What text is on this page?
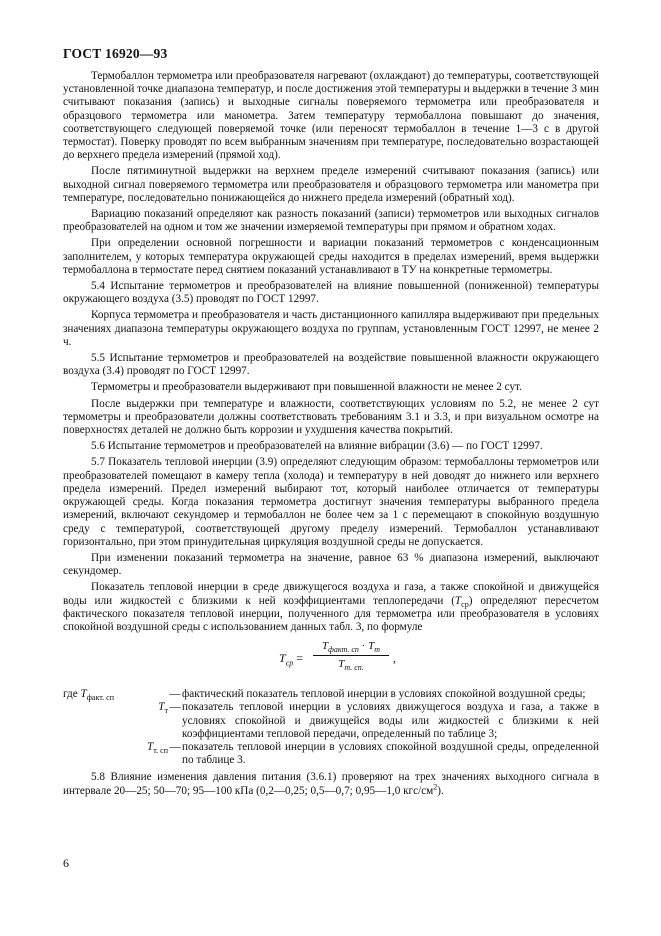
ГОСТ 16920—93

Термобаллон термометра или преобразователя нагревают (охлаждают) до температуры, соответствующей установленной точке диапазона температур, и после достижения этой температуры и выдержки в течение 3 мин считывают показания (запись) и выходные сигналы поверяемого термометра или преобразователя и образцового термометра или манометра. Затем температуру термобаллона повышают до значения, соответствующего следующей поверяемой точке (или переносят термобаллон в течение 1—3 с в другой термостат). Поверку проводят по всем выбранным значениям при температуре, последовательно возрастающей до верхнего предела измерений (прямой ход).

После пятиминутной выдержки на верхнем пределе измерений считывают показания (запись) или выходной сигнал поверяемого термометра или преобразователя и образцового термометра или манометра при температуре, последовательно понижающейся до нижнего предела измерений (обратный ход).

Вариацию показаний определяют как разность показаний (записи) термометров или выходных сигналов преобразователей на одном и том же значении измеряемой температуры при прямом и обратном ходах.

При определении основной погрешности и вариации показаний термометров с конденсационным заполнителем, у которых температура окружающей среды находится в пределах измерений, время выдержки термобаллона в термостате перед снятием показаний устанавливают в ТУ на конкретные термометры.

5.4 Испытание термометров и преобразователей на влияние повышенной (пониженной) температуры окружающего воздуха (3.5) проводят по ГОСТ 12997.

Корпуса термометра и преобразователя и часть дистанционного капилляра выдерживают при предельных значениях диапазона температуры окружающего воздуха по группам, установленным ГОСТ 12997, не менее 2 ч.

5.5 Испытание термометров и преобразователей на воздействие повышенной влажности окружающего воздуха (3.4) проводят по ГОСТ 12997.

Термометры и преобразователи выдерживают при повышенной влажности не менее 2 сут.

После выдержки при температуре и влажности, соответствующих условиям по 5.2, не менее 2 сут термометры и преобразователи должны соответствовать требованиям 3.1 и 3.3, и при визуальном осмотре на поверхностях деталей не должно быть коррозии и ухудшения качества покрытий.

5.6 Испытание термометров и преобразователей на влияние вибрации (3.6) — по ГОСТ 12997.

5.7 Показатель тепловой инерции (3.9) определяют следующим образом: термобаллоны термометров или преобразователей помещают в камеру тепла (холода) и температуру в ней доводят до нижнего или верхнего предела измерений. Предел измерений выбирают тот, который наиболее отличается от температуры окружающей среды. Когда показания термометра достигнут значения температуры выбранного предела измерений, включают секундомер и термобаллон не более чем за 1 с перемещают в спокойную воздушную среду с температурой, соответствующей другому пределу измерений. Термобаллон устанавливают горизонтально, при этом принудительная циркуляция воздушной среды не допускается.

При изменении показаний термометра на значение, равное 63 % диапазона измерений, выключают секундомер.

Показатель тепловой инерции в среде движущегося воздуха и газа, а также спокойной и движущейся воды или жидкостей с близкими к ней коэффициентами теплопередачи $(T_{ср})$ определяют пересчетом фактического показателя тепловой инерции, полученного для термометра или преобразователя в условиях спокойной воздушной среды с использованием данных табл. 3, по формуле

$T_{ср}$ =
$T_{факт. сп} \cdot T_т$
$T_{т. сп.}$
,
где $T_{факт. сп}$	— фактический показатель тепловой инерции в условиях спокойной воздушной среды;
$T_т$ — показатель тепловой инерции в условиях движущегося воздуха и газа, а также в условиях спокойной и движущейся воды или жидкостей с близкими к ней коэффициентами тепловой передачи, определенный по таблице 3;
$T_{т. сп}$ — показатель тепловой инерции в условиях спокойной воздушной среды, определенной по таблице 3.

5.8 Влияние изменения давления питания (3.6.1) проверяют на трех значениях выходного сигнала в интервале 20—25; 50—70; 95—100 кПа (0,2—0,25; 0,5—0,7; 0,95—1,0 кгс/$см^2$).

6
